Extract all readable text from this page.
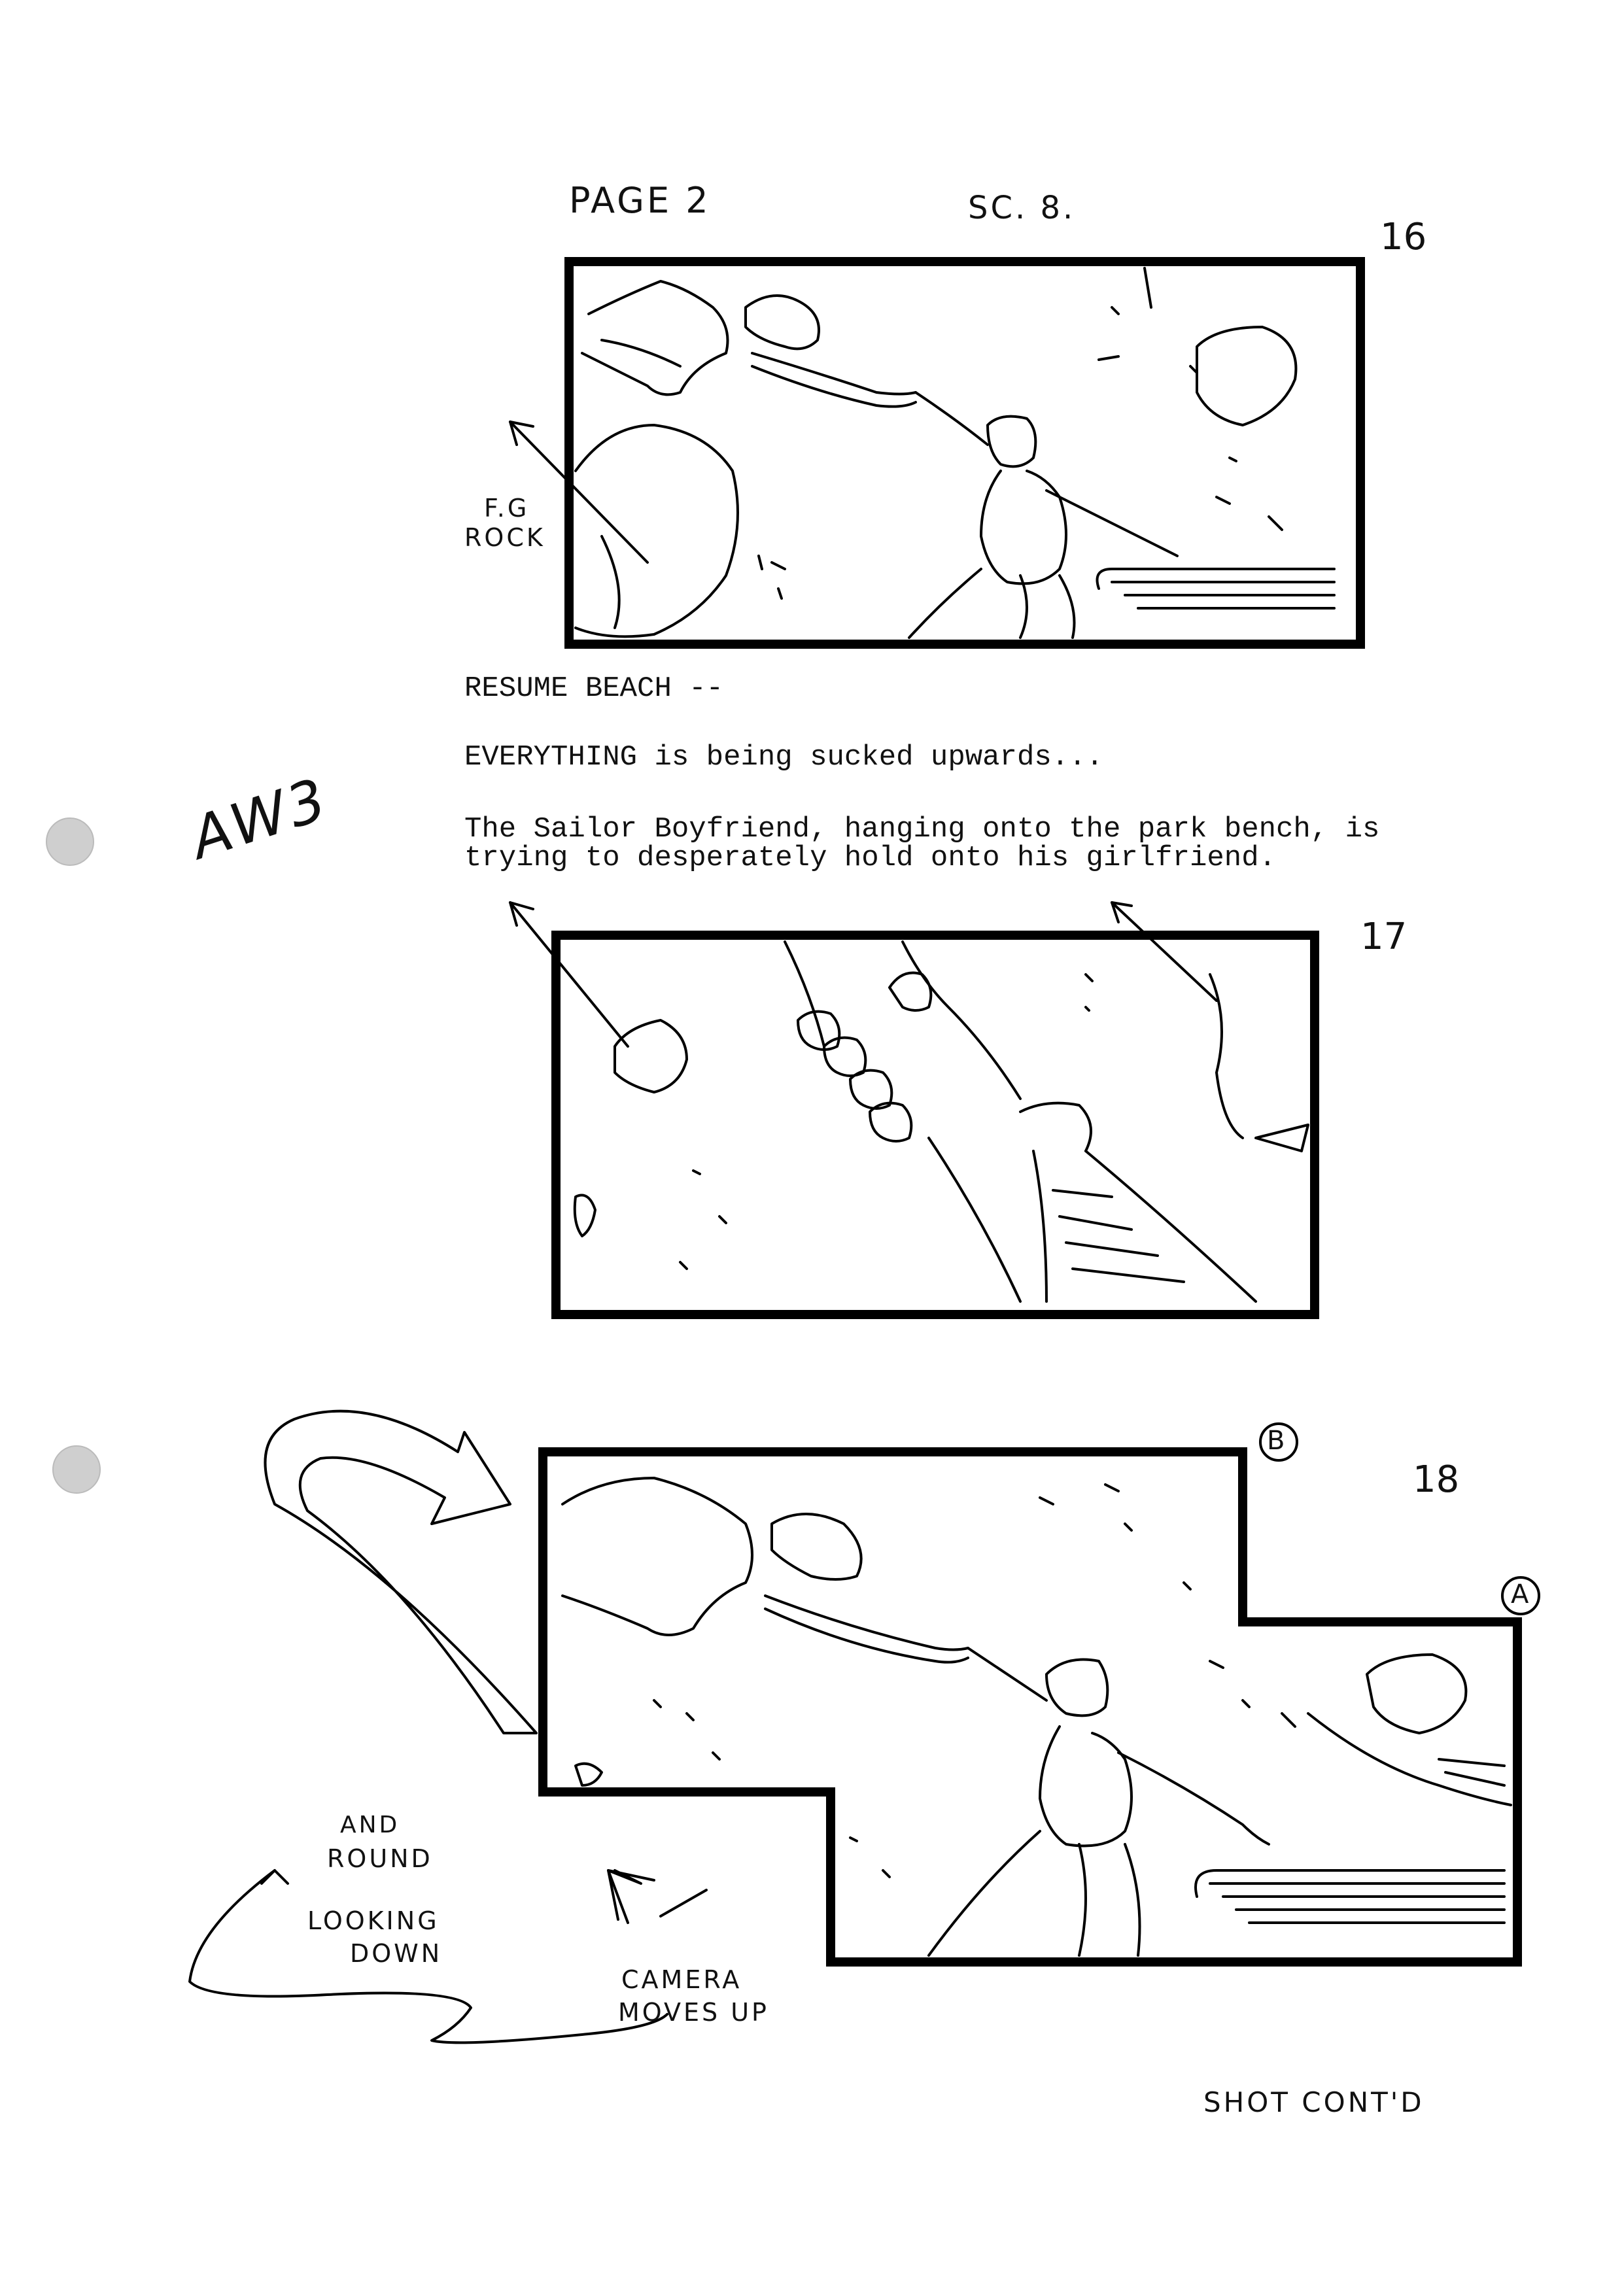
PAGE 2	SC. 8.
16
17
18
B
A
F.G
ROCK
AW3
RESUME BEACH --
EVERYTHING is being sucked upwards...
The Sailor Boyfriend, hanging onto the park bench, is
trying to desperately hold onto his girlfriend.
AND
ROUND
LOOKING
DOWN
CAMERA
MOVES UP
SHOT CONT'D
